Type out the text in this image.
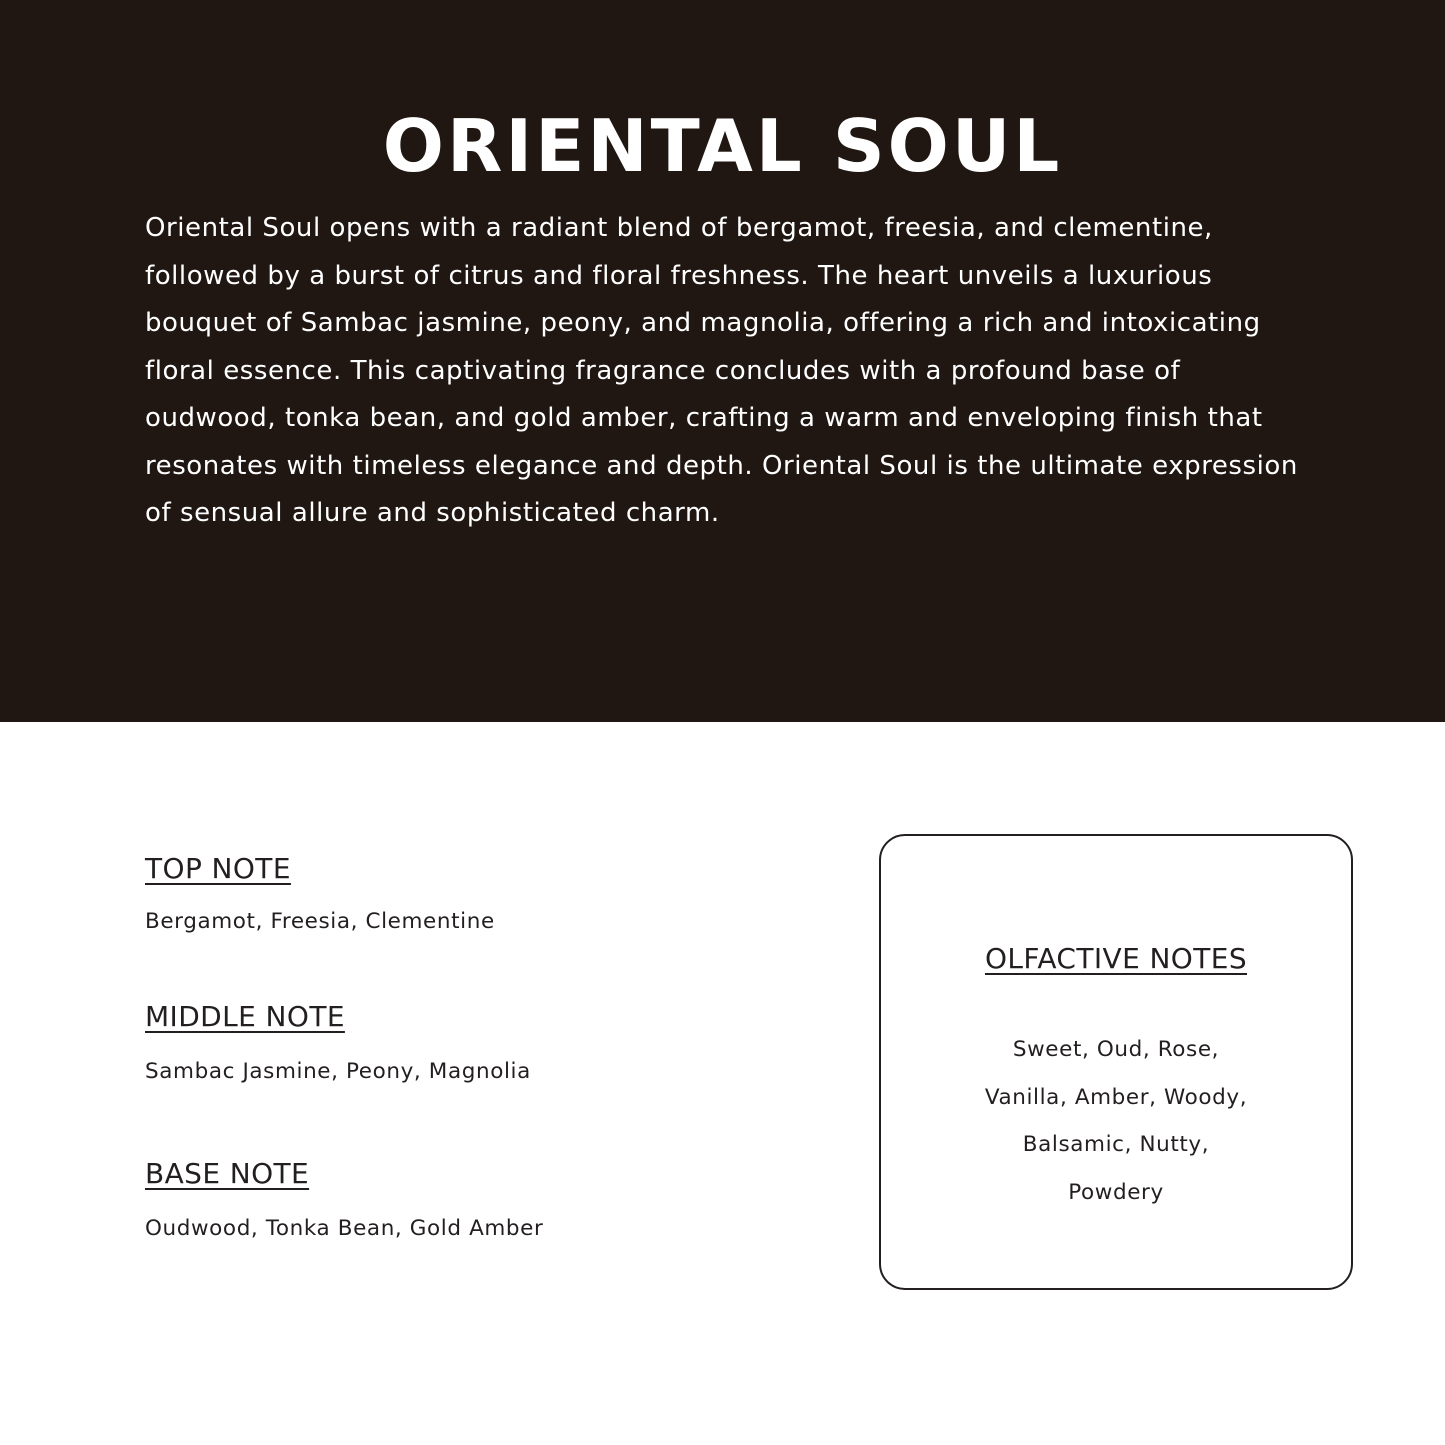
ORIENTAL SOUL

Oriental Soul opens with a radiant blend of bergamot, freesia, and clementine, followed by a burst of citrus and floral freshness. The heart unveils a luxurious bouquet of Sambac jasmine, peony, and magnolia, offering a rich and intoxicating floral essence. This captivating fragrance concludes with a profound base of oudwood, tonka bean, and gold amber, crafting a warm and enveloping finish that resonates with timeless elegance and depth. Oriental Soul is the ultimate expression of sensual allure and sophisticated charm.

TOP NOTE

Bergamot, Freesia, Clementine

MIDDLE NOTE

Sambac Jasmine, Peony, Magnolia

BASE NOTE

Oudwood, Tonka Bean, Gold Amber

OLFACTIVE NOTES
Sweet, Oud, Rose,
Vanilla, Amber, Woody,
Balsamic, Nutty,
Powdery
